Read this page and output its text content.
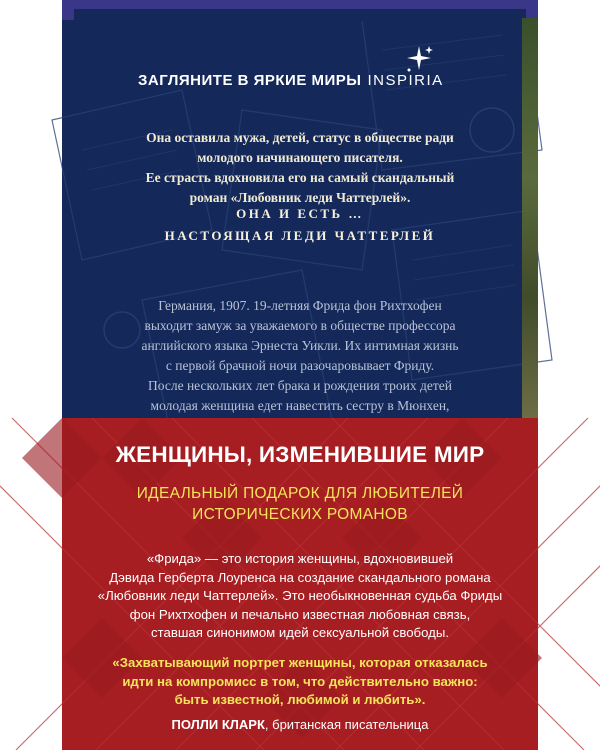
ЗАГЛЯНИТЕ В ЯРКИЕ МИРЫ INSPIRIA
Она оставила мужа, детей, статус в обществе ради
молодого начинающего писателя.
Ее страсть вдохновила его на самый скандальный
роман «Любовник леди Чаттерлей».
ОНА И ЕСТЬ …
НАСТОЯЩАЯ ЛЕДИ ЧАТТЕРЛЕЙ
Германия, 1907. 19-летняя Фрида фон Рихтхофен
выходит замуж за уважаемого в обществе профессора
английского языка Эрнеста Уикли. Их интимная жизнь
с первой брачной ночи разочаровывает Фриду.
После нескольких лет брака и рождения троих детей
молодая женщина едет навестить сестру в Мюнхен,
ЖЕНЩИНЫ, ИЗМЕНИВШИЕ МИР
ИДЕАЛЬНЫЙ ПОДАРОК ДЛЯ ЛЮБИТЕЛЕЙ
ИСТОРИЧЕСКИХ РОМАНОВ
«Фрида» — это история женщины, вдохновившей
Дэвида Герберта Лоуренса на создание скандального романа
«Любовник леди Чаттерлей». Это необыкновенная судьба Фриды
фон Рихтхофен и печально известная любовная связь,
ставшая синонимом идей сексуальной свободы.
«Захватывающий портрет женщины, которая отказалась
идти на компромисс в том, что действительно важно:
быть известной, любимой и любить».
ПОЛЛИ КЛАРК, британская писательница
